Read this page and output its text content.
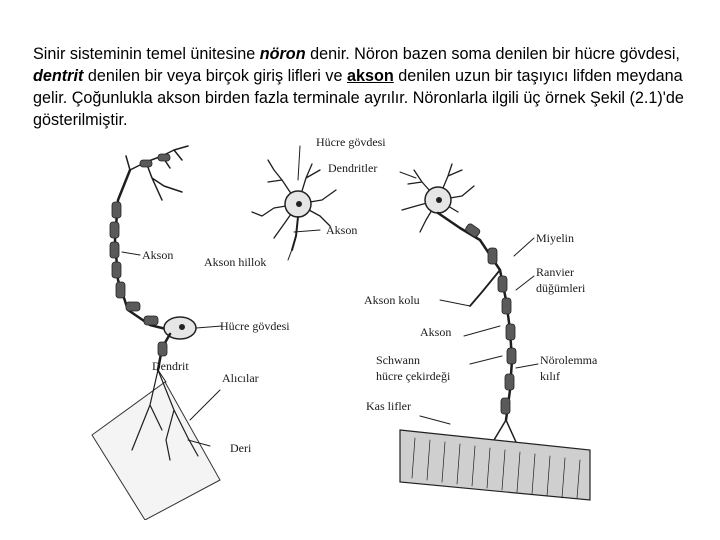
Sinir sisteminin temel ünitesine nöron denir. Nöron bazen soma denilen bir hücre gövdesi, dentrit denilen bir veya birçok giriş lifleri ve akson denilen uzun bir taşıyıcı lifden meydana gelir. Çoğunlukla akson birden fazla terminale ayrılır. Nöronlarla ilgili üç örnek Şekil (2.1)'de gösterilmiştir.

Akson
Hücre gövdesi
Dendrit
Alıcılar
Deri
Hücre gövdesi
Akson
Akson hillok
Dendritler
Miyelin
Ranvier
düğümleri
Akson kolu
Akson
Schwann
hücre çekirdeği
Nörolemma
kılıf
Kas lifler
